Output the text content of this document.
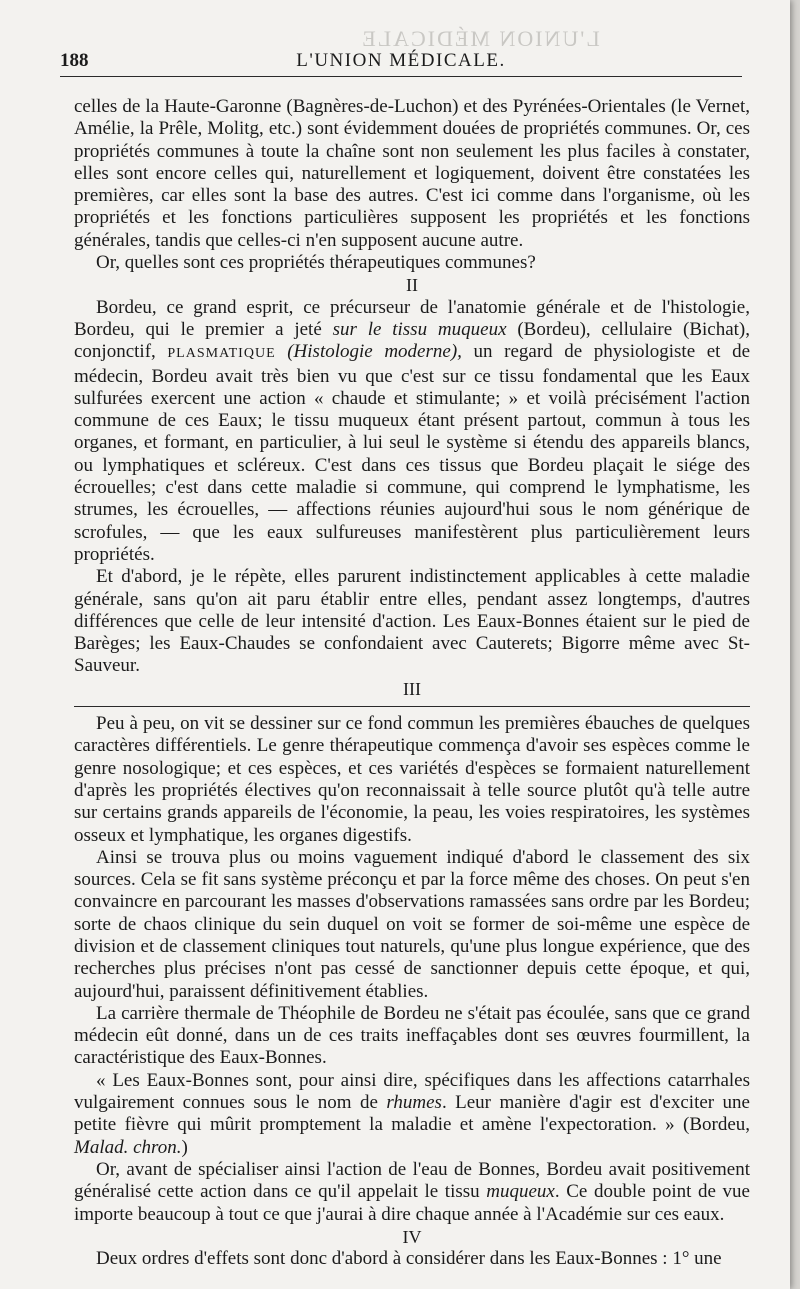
L'UNION MÉDICALE
188	L'UNION MÉDICALE.

celles de la Haute-Garonne (Bagnères-de-Luchon) et des Pyrénées-Orientales (le Vernet, Amélie, la Prêle, Molitg, etc.) sont évidemment douées de propriétés communes. Or, ces propriétés communes à toute la chaîne sont non seulement les plus faciles à constater, elles sont encore celles qui, naturellement et logiquement, doivent être constatées les premières, car elles sont la base des autres. C'est ici comme dans l'organisme, où les propriétés et les fonctions particulières supposent les propriétés et les fonctions générales, tandis que celles-ci n'en supposent aucune autre.

Or, quelles sont ces propriétés thérapeutiques communes?

II

Bordeu, ce grand esprit, ce précurseur de l'anatomie générale et de l'histologie, Bordeu, qui le premier a jeté sur le tissu muqueux (Bordeu), cellulaire (Bichat), conjonctif, PLASMATIQUE (Histologie moderne), un regard de physiologiste et de médecin, Bordeu avait très bien vu que c'est sur ce tissu fondamental que les Eaux sulfurées exercent une action « chaude et stimulante; » et voilà précisément l'action commune de ces Eaux; le tissu muqueux étant présent partout, commun à tous les organes, et formant, en particulier, à lui seul le système si étendu des appareils blancs, ou lymphatiques et scléreux. C'est dans ces tissus que Bordeu plaçait le siége des écrouelles; c'est dans cette maladie si commune, qui comprend le lymphatisme, les strumes, les écrouelles, — affections réunies aujourd'hui sous le nom générique de scrofules, — que les eaux sulfureuses manifestèrent plus particulièrement leurs propriétés.

Et d'abord, je le répète, elles parurent indistinctement applicables à cette maladie générale, sans qu'on ait paru établir entre elles, pendant assez longtemps, d'autres différences que celle de leur intensité d'action. Les Eaux-Bonnes étaient sur le pied de Barèges; les Eaux-Chaudes se confondaient avec Cauterets; Bigorre même avec St-Sauveur.

III

Peu à peu, on vit se dessiner sur ce fond commun les premières ébauches de quelques caractères différentiels. Le genre thérapeutique commença d'avoir ses espèces comme le genre nosologique; et ces espèces, et ces variétés d'espèces se formaient naturellement d'après les propriétés électives qu'on reconnaissait à telle source plutôt qu'à telle autre sur certains grands appareils de l'économie, la peau, les voies respiratoires, les systèmes osseux et lymphatique, les organes digestifs.

Ainsi se trouva plus ou moins vaguement indiqué d'abord le classement des six sources. Cela se fit sans système préconçu et par la force même des choses. On peut s'en convaincre en parcourant les masses d'observations ramassées sans ordre par les Bordeu; sorte de chaos clinique du sein duquel on voit se former de soi-même une espèce de division et de classement cliniques tout naturels, qu'une plus longue expérience, que des recherches plus précises n'ont pas cessé de sanctionner depuis cette époque, et qui, aujourd'hui, paraissent définitivement établies.

La carrière thermale de Théophile de Bordeu ne s'était pas écoulée, sans que ce grand médecin eût donné, dans un de ces traits ineffaçables dont ses œuvres fourmillent, la caractéristique des Eaux-Bonnes.

« Les Eaux-Bonnes sont, pour ainsi dire, spécifiques dans les affections catarrhales vulgairement connues sous le nom de rhumes. Leur manière d'agir est d'exciter une petite fièvre qui mûrit promptement la maladie et amène l'expectoration. » (Bordeu, Malad. chron.)

Or, avant de spécialiser ainsi l'action de l'eau de Bonnes, Bordeu avait positivement généralisé cette action dans ce qu'il appelait le tissu muqueux. Ce double point de vue importe beaucoup à tout ce que j'aurai à dire chaque année à l'Académie sur ces eaux.

IV

Deux ordres d'effets sont donc d'abord à considérer dans les Eaux-Bonnes : 1° une
